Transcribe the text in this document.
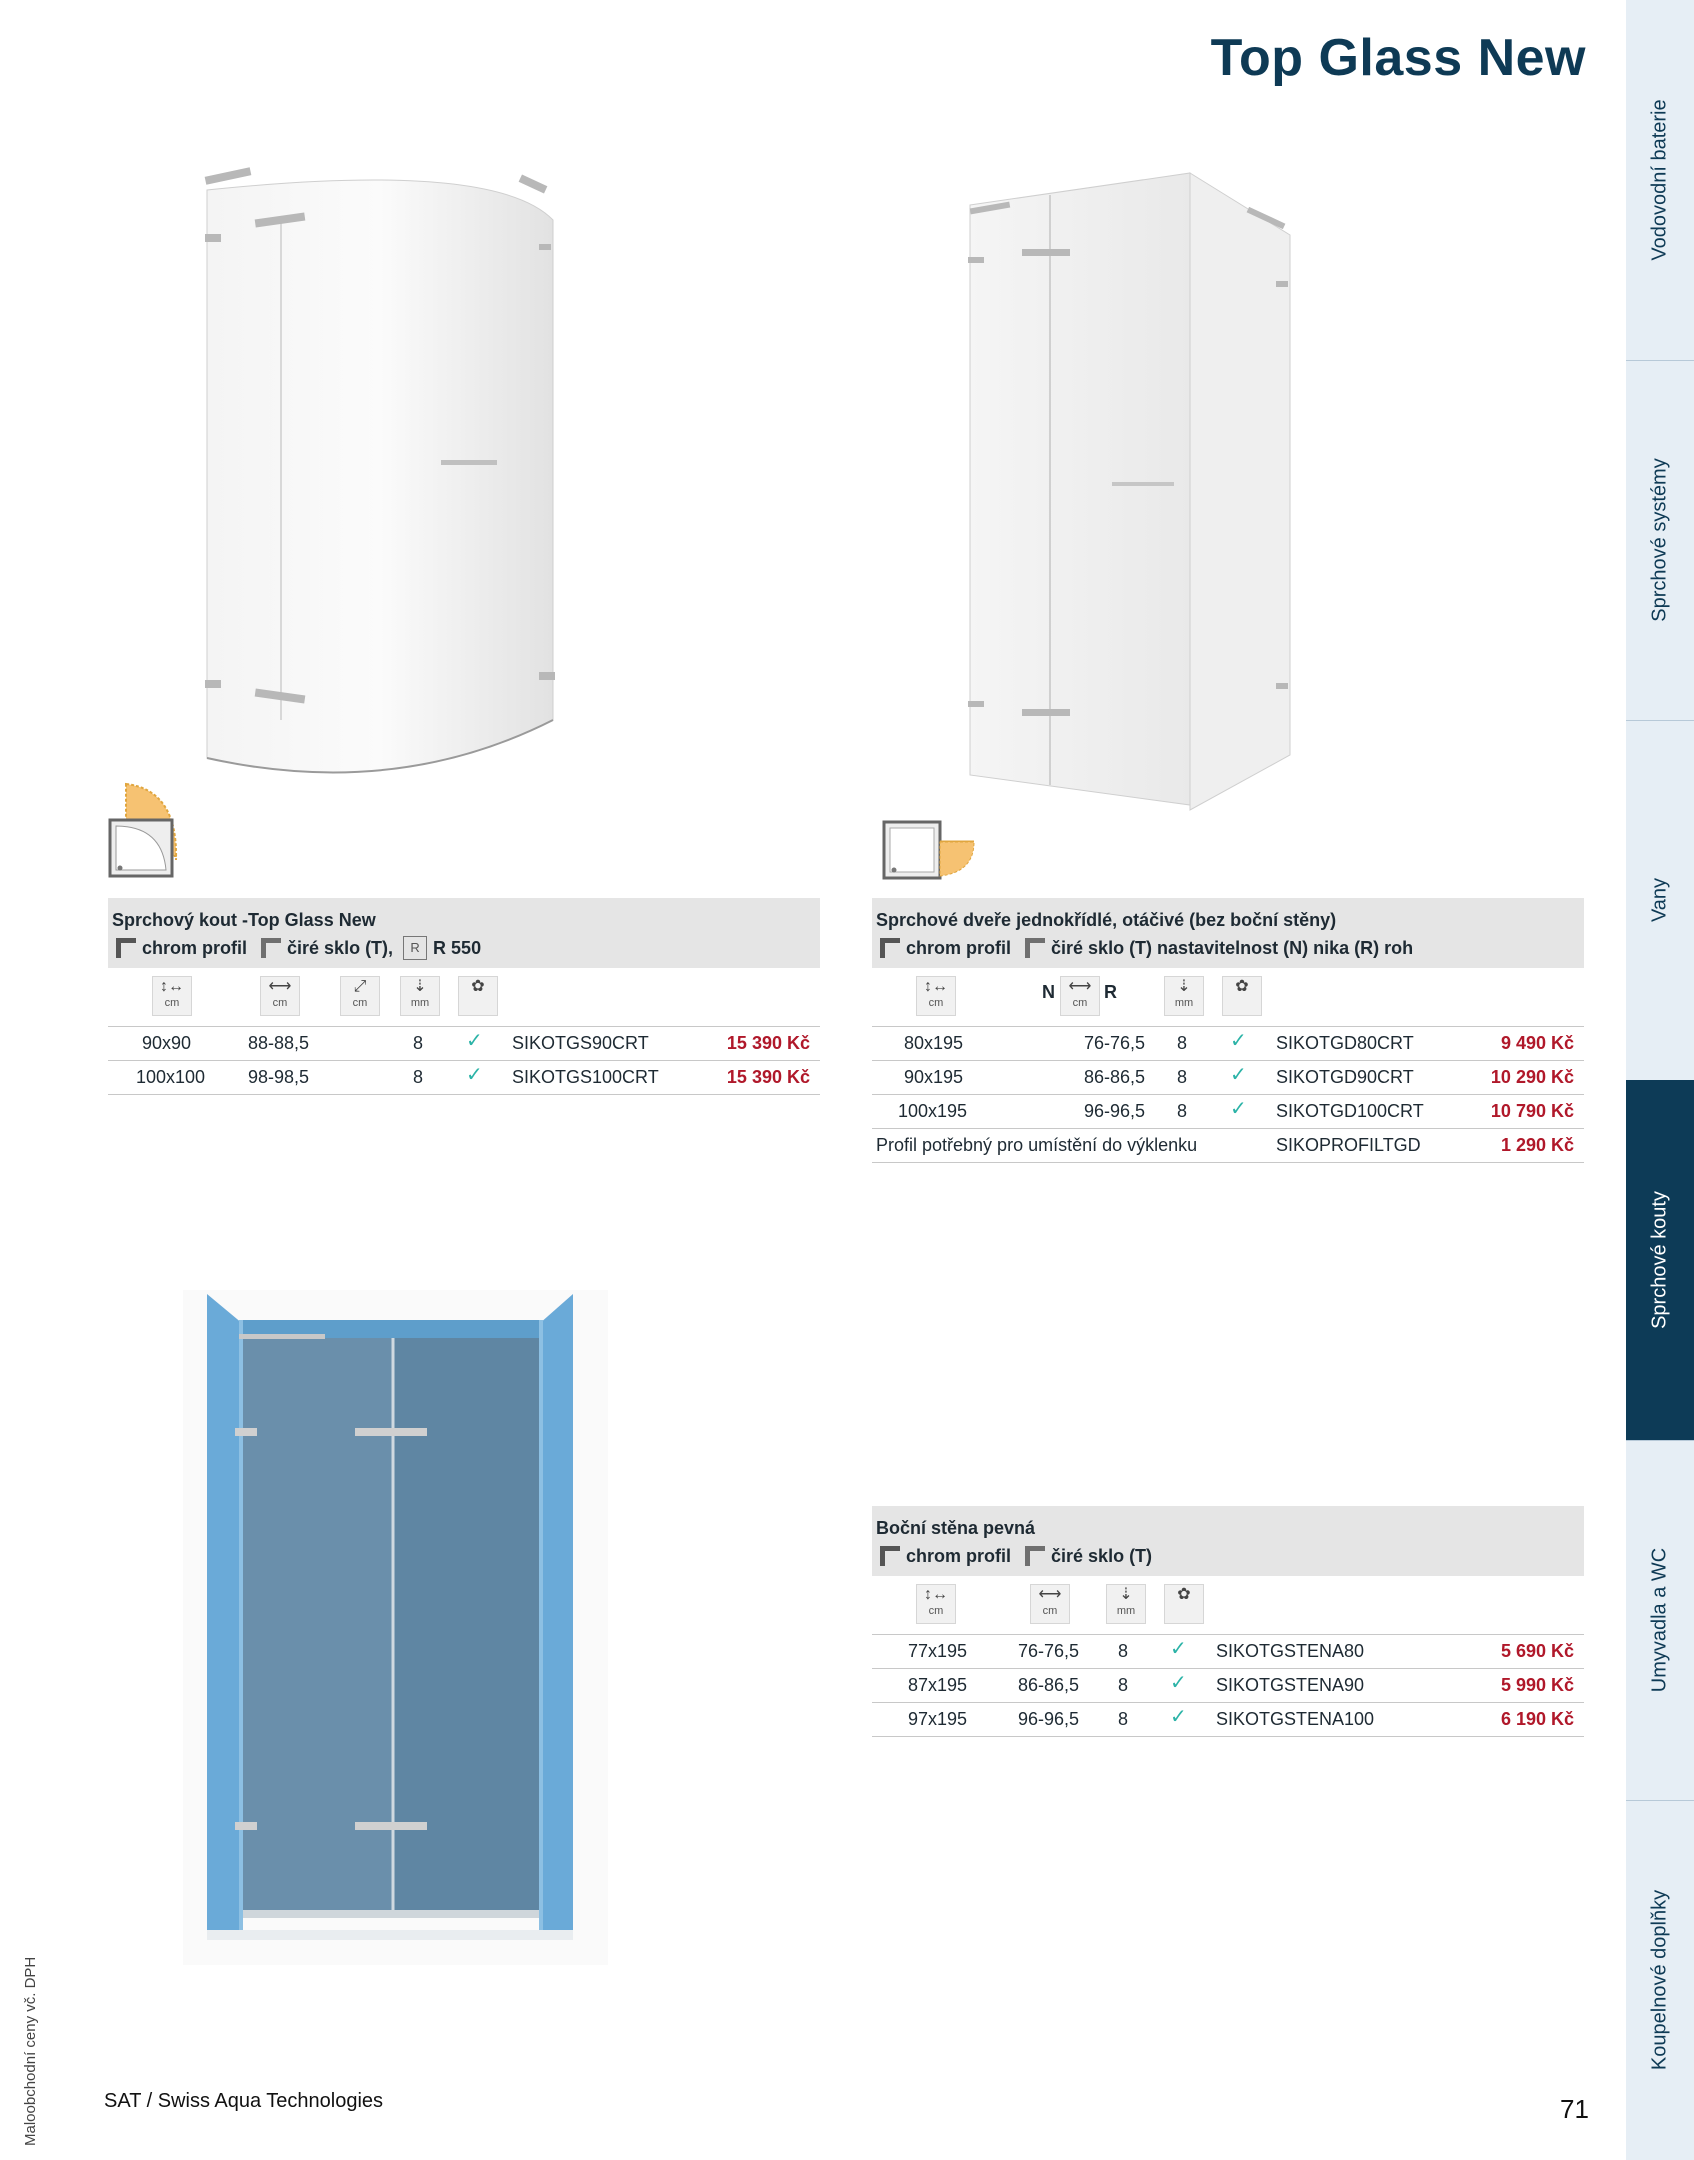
Top Glass New
Vodovodní baterie
Sprchové systémy
Vany
Sprchové kouty
Umyvadla a WC
Koupelnové doplňky
Sprchový kout -Top Glass New
chrom profil čiré sklo (T),	R R 550
↕↔
cm
⟷
cm
⤢
cm
⇣
mm
✿
90x90	88-88,5	8 ✓ SIKOTGS90CRT	15 390 Kč
100x100 98-98,5	8 ✓ SIKOTGS100CRT	15 390 Kč
Sprchové dveře jednokřídlé, otáčivé (bez boční stěny)
chrom profil čiré sklo (T) nastavitelnost (N) nika (R) roh
↕↔
cm
N ⟷
cm
R	⇣
mm
✿
80x195	76-76,5 8 ✓ SIKOTGD80CRT	9 490 Kč
90x195	86-86,5 8 ✓ SIKOTGD90CRT	10 290 Kč
100x195	96-96,5 8 ✓ SIKOTGD100CRT	10 790 Kč
Profil potřebný pro umístění do výklenku	SIKOPROFILTGD	1 290 Kč
Boční stěna pevná
chrom profil čiré sklo (T)
↕↔
cm
⟷
cm
⇣
mm
✿
77x195	76-76,5 8 ✓ SIKOTGSTENA80	5 690 Kč
87x195	86-86,5 8 ✓ SIKOTGSTENA90	5 990 Kč
97x195	96-96,5 8 ✓ SIKOTGSTENA100	6 190 Kč
Maloobchodní ceny vč. DPH	SAT / Swiss Aqua Technologies	71
